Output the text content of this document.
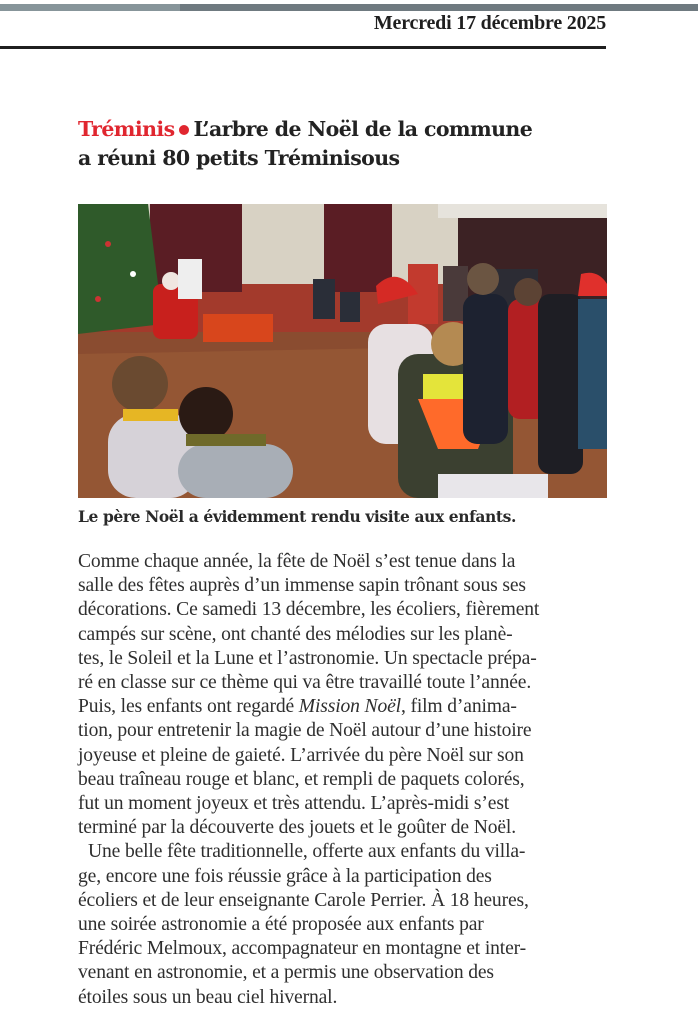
Mercredi 17 décembre 2025
Tréminis L’arbre de Noël de la commune
a réuni 80 petits Tréminisous
Le père Noël a évidemment rendu visite aux enfants.
Comme chaque année, la fête de Noël s’est tenue dans la
salle des fêtes auprès d’un immense sapin trônant sous ses
décorations. Ce samedi 13 décembre, les écoliers, fièrement
campés sur scène, ont chanté des mélodies sur les planè-
tes, le Soleil et la Lune et l’astronomie. Un spectacle prépa-
ré en classe sur ce thème qui va être travaillé toute l’année.
Puis, les enfants ont regardé Mission Noël, film d’anima-
tion, pour entretenir la magie de Noël autour d’une histoire
joyeuse et pleine de gaieté. L’arrivée du père Noël sur son
beau traîneau rouge et blanc, et rempli de paquets colorés,
fut un moment joyeux et très attendu. L’après-midi s’est
terminé par la découverte des jouets et le goûter de Noël.
Une belle fête traditionnelle, offerte aux enfants du villa-
ge, encore une fois réussie grâce à la participation des
écoliers et de leur enseignante Carole Perrier. À 18 heures,
une soirée astronomie a été proposée aux enfants par
Frédéric Melmoux, accompagnateur en montagne et inter-
venant en astronomie, et a permis une observation des
étoiles sous un beau ciel hivernal.
